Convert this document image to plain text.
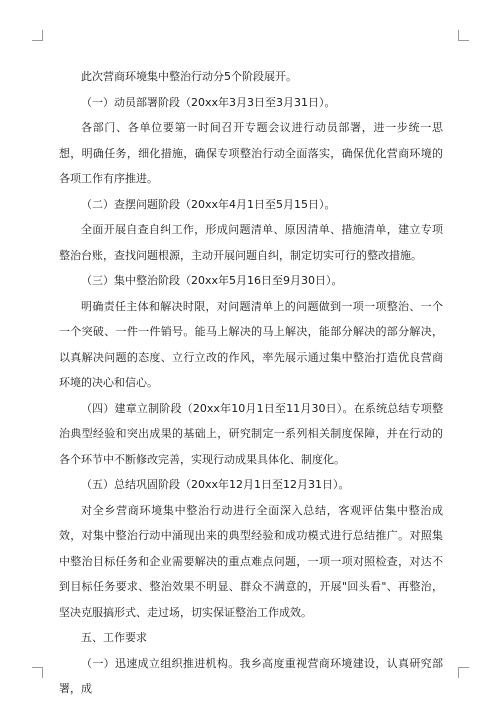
此次营商环境集中整治行动分5个阶段展开。

（一）动员部署阶段（20xx年3月3日至3月31日）。

各部门、各单位要第一时间召开专题会议进行动员部署，进一步统一思想，明确任务，细化措施，确保专项整治行动全面落实，确保优化营商环境的各项工作有序推进。

（二）查摆问题阶段（20xx年4月1日至5月15日）。

全面开展自查自纠工作，形成问题清单、原因清单、措施清单，建立专项整治台账，查找问题根源，主动开展问题自纠，制定切实可行的整改措施。

（三）集中整治阶段（20xx年5月16日至9月30日）。

明确责任主体和解决时限，对问题清单上的问题做到一项一项整治、一个一个突破、一件一件销号。能马上解决的马上解决，能部分解决的部分解决，以真解决问题的态度、立行立改的作风，率先展示通过集中整治打造优良营商环境的决心和信心。

（四）建章立制阶段（20xx年10月1日至11月30日）。在系统总结专项整治典型经验和突出成果的基础上，研究制定一系列相关制度保障，并在行动的各个环节中不断修改完善，实现行动成果具体化、制度化。

（五）总结巩固阶段（20xx年12月1日至12月31日）。

对全乡营商环境集中整治行动进行全面深入总结，客观评估集中整治成效，对集中整治行动中涌现出来的典型经验和成功模式进行总结推广。对照集中整治目标任务和企业需要解决的重点难点问题，一项一项对照检查，对达不到目标任务要求、整治效果不明显、群众不满意的，开展"回头看"、再整治，坚决克服搞形式、走过场，切实保证整治工作成效。

五、工作要求

（一）迅速成立组织推进机构。我乡高度重视营商环境建设，认真研究部署，成
